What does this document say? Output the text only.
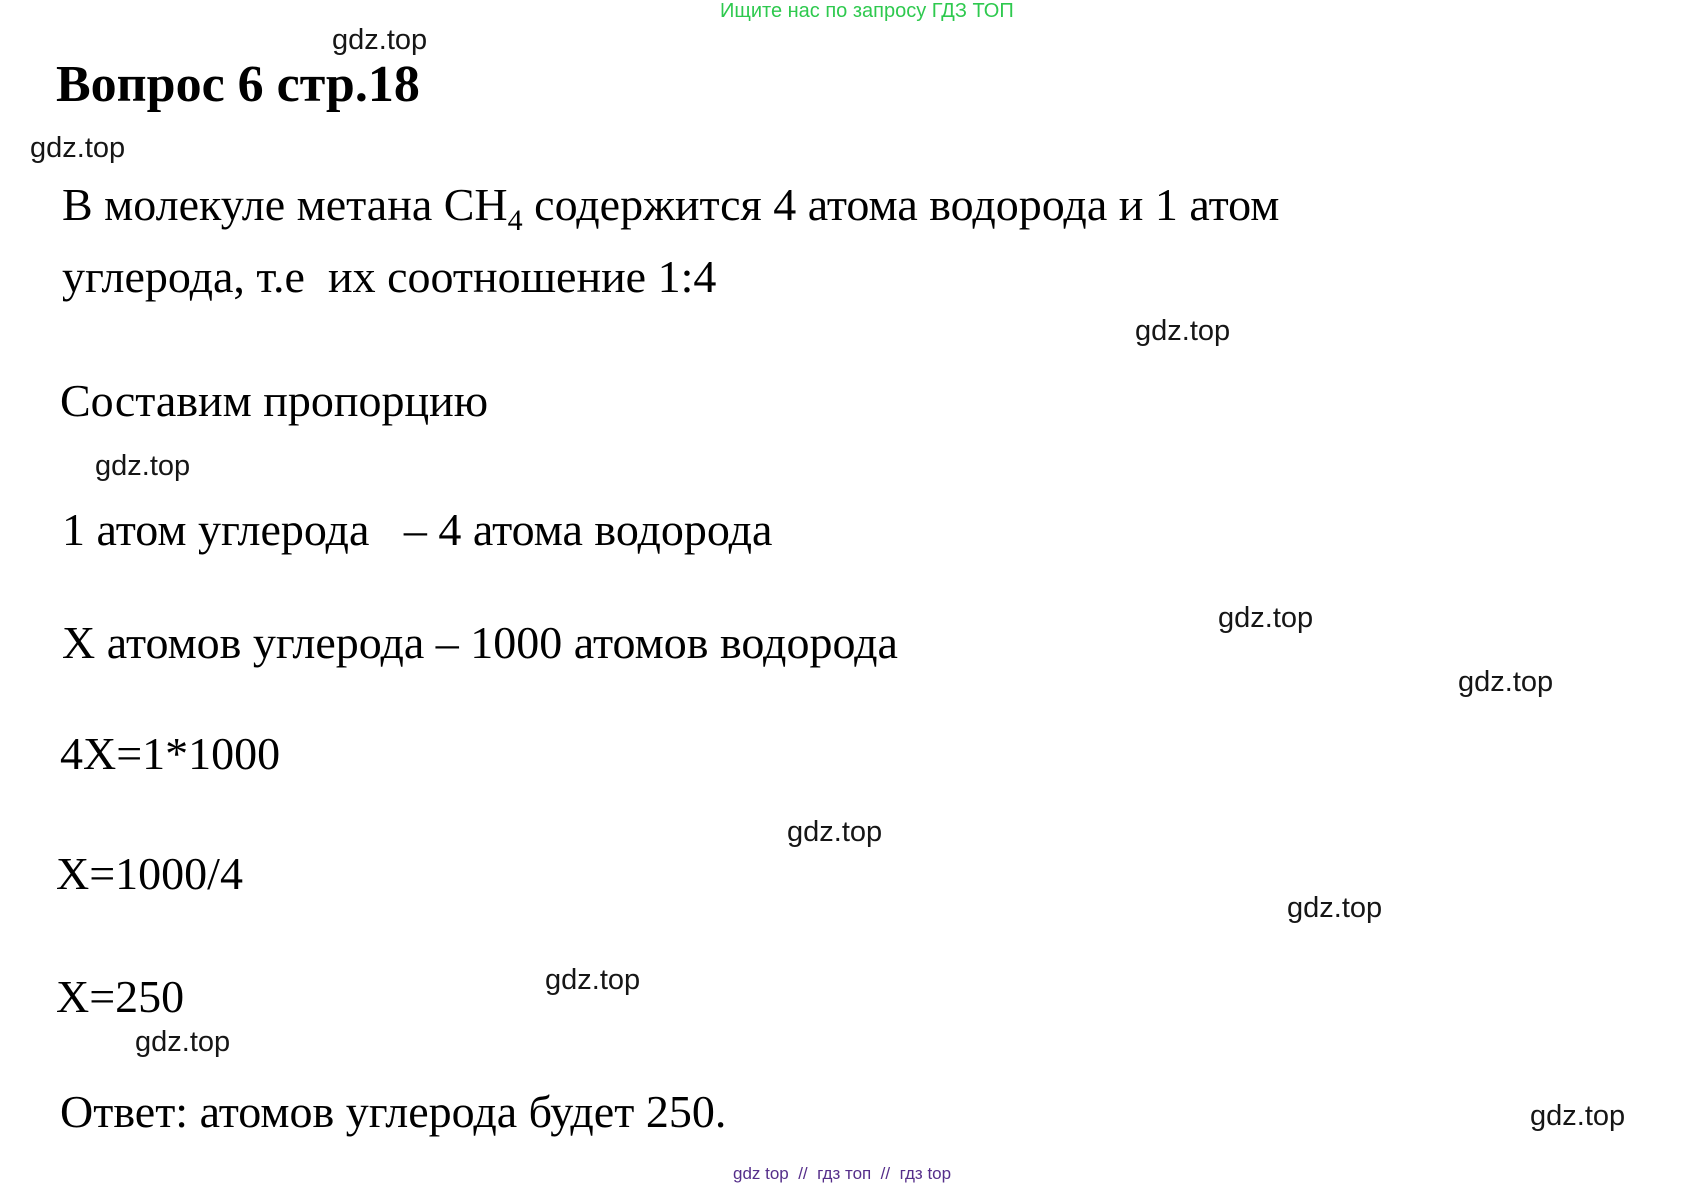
Ищите нас по запросу ГДЗ ТОП
gdz.top
gdz.top
gdz.top
gdz.top
gdz.top
gdz.top
gdz.top
gdz.top
gdz.top
gdz.top
gdz.top
Вопрос 6 стр.18
В молекуле метана $CH_4$ содержится 4 атома водорода и 1 атом
углерода, т.е  их соотношение 1:4
Составим пропорцию
1 атом углерода   – 4 атома водорода
X атомов углерода – 1000 атомов водорода
4X=1*1000
X=1000/4
X=250
Ответ: атомов углерода будет 250.
gdz top  //  гдз топ  //  гдз top
